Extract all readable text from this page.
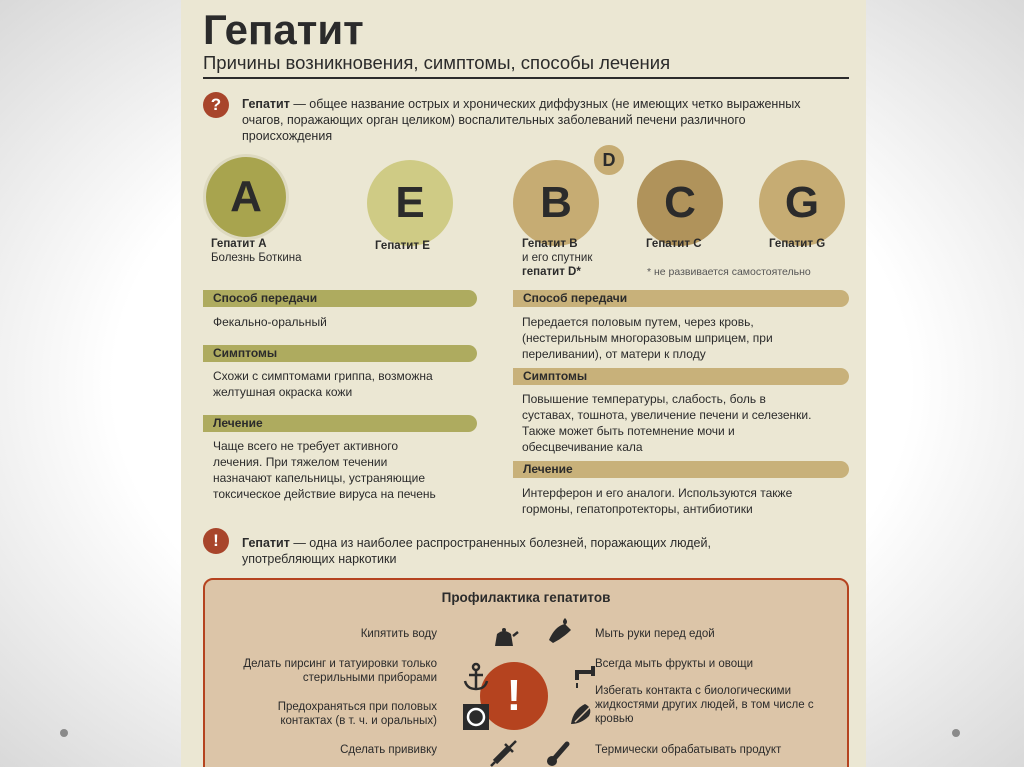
Гепатит
Причины возникновения, симптомы, способы лечения
?	Гепатит — общее название острых и хронических диффузных (не имеющих четко выраженных очагов, поражающих орган целиком) воспалительных заболеваний печени различного происхождения
A	E	B
D
C	G
Гепатит A
Болезнь Боткина
Гепатит E	Гепатит B
и его спутник
гепатит D*
Гепатит C	Гепатит G
* не развивается самостоятельно
Способ передачи
Фекально-оральный
Симптомы
Схожи с симптомами гриппа, возможна желтушная окраска кожи
Лечение
Чаще всего не требует активного лечения. При тяжелом течении назначают капельницы, устраняющие токсическое действие вируса на печень
Способ передачи
Передается половым путем, через кровь, (нестерильным многоразовым шприцем, при переливании), от матери к плоду
Симптомы
Повышение температуры, слабость, боль в суставах, тошнота, увеличение печени и селезенки. Также может быть потемнение мочи и обесцвечивание кала
Лечение
Интерферон и его аналоги. Используются также гормоны, гепатопротекторы, антибиотики
!	Гепатит — одна из наиболее распространенных болезней, поражающих людей, употребляющих наркотики
Профилактика гепатитов
!
Кипятить воду
Делать пирсинг и татуировки только стерильными приборами
Предохраняться при половых контактах (в т. ч. и оральных)
Сделать прививку
Мыть руки перед едой
Всегда мыть фрукты и овощи
Избегать контакта с биологическими жидкостями других людей, в том числе с кровью
Термически обрабатывать продукт
